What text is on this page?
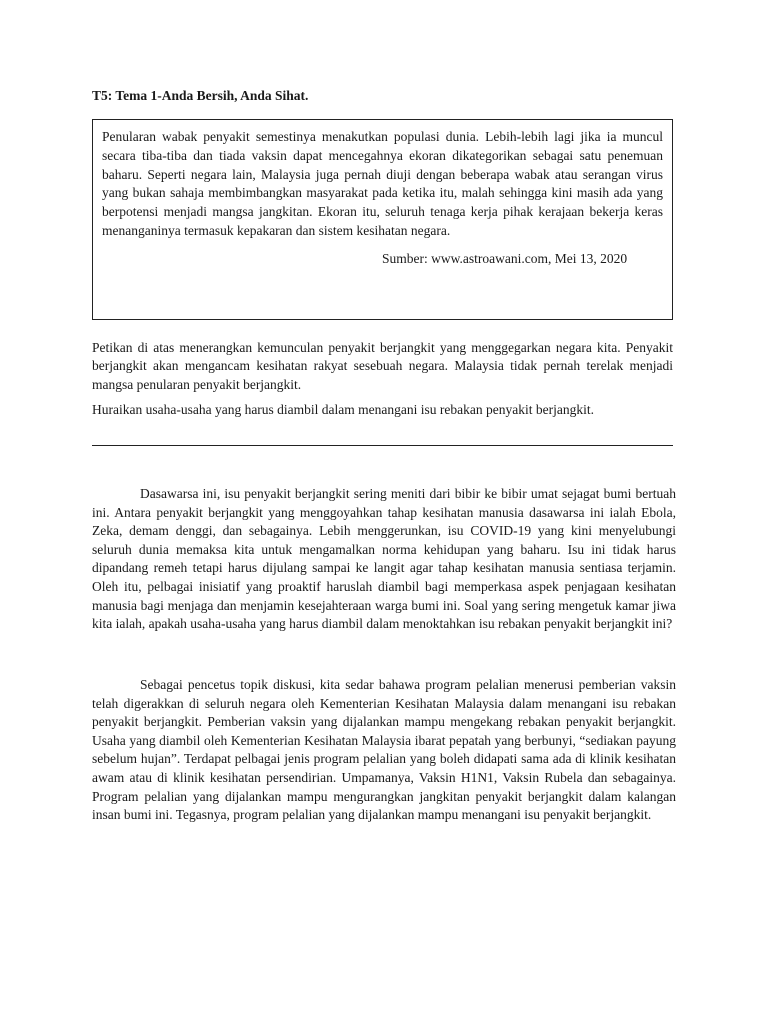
T5: Tema 1-Anda Bersih, Anda Sihat.

Penularan wabak penyakit semestinya menakutkan populasi dunia. Lebih-lebih lagi jika ia muncul secara tiba-tiba dan tiada vaksin dapat mencegahnya ekoran dikategorikan sebagai satu penemuan baharu. Seperti negara lain, Malaysia juga pernah diuji dengan beberapa wabak atau serangan virus yang bukan sahaja membimbangkan masyarakat pada ketika itu, malah sehingga kini masih ada yang berpotensi menjadi mangsa jangkitan. Ekoran itu, seluruh tenaga kerja pihak kerajaan bekerja keras menanganinya termasuk kepakaran dan sistem kesihatan negara.

Sumber: www.astroawani.com, Mei 13, 2020

Petikan di atas menerangkan kemunculan penyakit berjangkit yang menggegarkan negara kita. Penyakit berjangkit akan mengancam kesihatan rakyat sesebuah negara. Malaysia tidak pernah terelak menjadi mangsa penularan penyakit berjangkit.

Huraikan usaha-usaha yang harus diambil dalam menangani isu rebakan penyakit berjangkit.

Dasawarsa ini, isu penyakit berjangkit sering meniti dari bibir ke bibir umat sejagat bumi bertuah ini. Antara penyakit berjangkit yang menggoyahkan tahap kesihatan manusia dasawarsa ini ialah Ebola, Zeka, demam denggi, dan sebagainya. Lebih menggerunkan, isu COVID-19 yang kini menyelubungi seluruh dunia memaksa kita untuk mengamalkan norma kehidupan yang baharu. Isu ini tidak harus dipandang remeh tetapi harus dijulang sampai ke langit agar tahap kesihatan manusia sentiasa terjamin. Oleh itu, pelbagai inisiatif yang proaktif haruslah diambil bagi memperkasa aspek penjagaan kesihatan manusia bagi menjaga dan menjamin kesejahteraan warga bumi ini. Soal yang sering mengetuk kamar jiwa kita ialah, apakah usaha-usaha yang harus diambil dalam menoktahkan isu rebakan penyakit berjangkit ini?

Sebagai pencetus topik diskusi, kita sedar bahawa program pelalian menerusi pemberian vaksin telah digerakkan di seluruh negara oleh Kementerian Kesihatan Malaysia dalam menangani isu rebakan penyakit berjangkit. Pemberian vaksin yang dijalankan mampu mengekang rebakan penyakit berjangkit. Usaha yang diambil oleh Kementerian Kesihatan Malaysia ibarat pepatah yang berbunyi, “sediakan payung sebelum hujan”. Terdapat pelbagai jenis program pelalian yang boleh didapati sama ada di klinik kesihatan awam atau di klinik kesihatan persendirian. Umpamanya, Vaksin H1N1, Vaksin Rubela dan sebagainya. Program pelalian yang dijalankan mampu mengurangkan jangkitan penyakit berjangkit dalam kalangan insan bumi ini. Tegasnya, program pelalian yang dijalankan mampu menangani isu penyakit berjangkit.
